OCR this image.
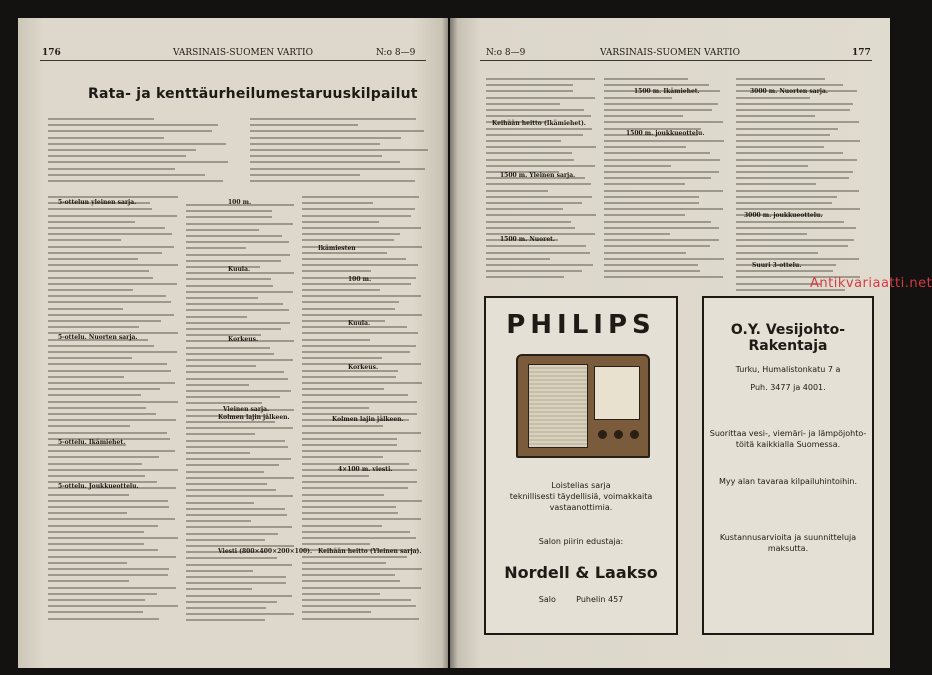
176	VARSINAIS-SUOMEN VARTIO	N:o 8—9
Rata- ja kenttäurheilumestaruuskilpailut
5-ottelun yleinen sarja.
5-ottelu. Nuorten sarja.
5-ottelu. Ikämiehet.
5-ottelu. Joukkueottelu.
100 m.
Kuula.
Korkeus.
Vieinen sarja.
Kolmen lajin jälkeen.
Viesti (800×400×200×100).
Ikämiesten
100 m.
Kuula.
Korkeus.
Kolmen lajin jälkeen.
4×100 m. viesti.
Keihään heitto (Yleinen sarja).
N:o 8—9	VARSINAIS-SUOMEN VARTIO	177
Keihään heitto (Ikämiehet).
1500 m. Yleinen sarja.
1500 m. Nuoret.
1500 m. Ikämiehet.
1500 m. joukkueottelu.
3000 m. Nuorten sarja.
3000 m. joukkueottelu.
Suuri 3-ottelu.
PHILIPS
Loistelias sarja
teknillisesti täydellisiä, voimakkaita
vastaanottimia.
Salon piirin edustaja:
Nordell & Laakso
Salo        Puhelin 457
O.Y. Vesijohto-Rakentaja
Turku, Humalistonkatu 7 a
Puh. 3477 ja 4001.
Suorittaa vesi-, viemäri- ja lämpöjohto-
töitä kaikkialla Suomessa.
Myy alan tavaraa kilpailuhintoihin.
Kustannusarvioita ja suunnitteluja
maksutta.
Antikvariaatti.net
